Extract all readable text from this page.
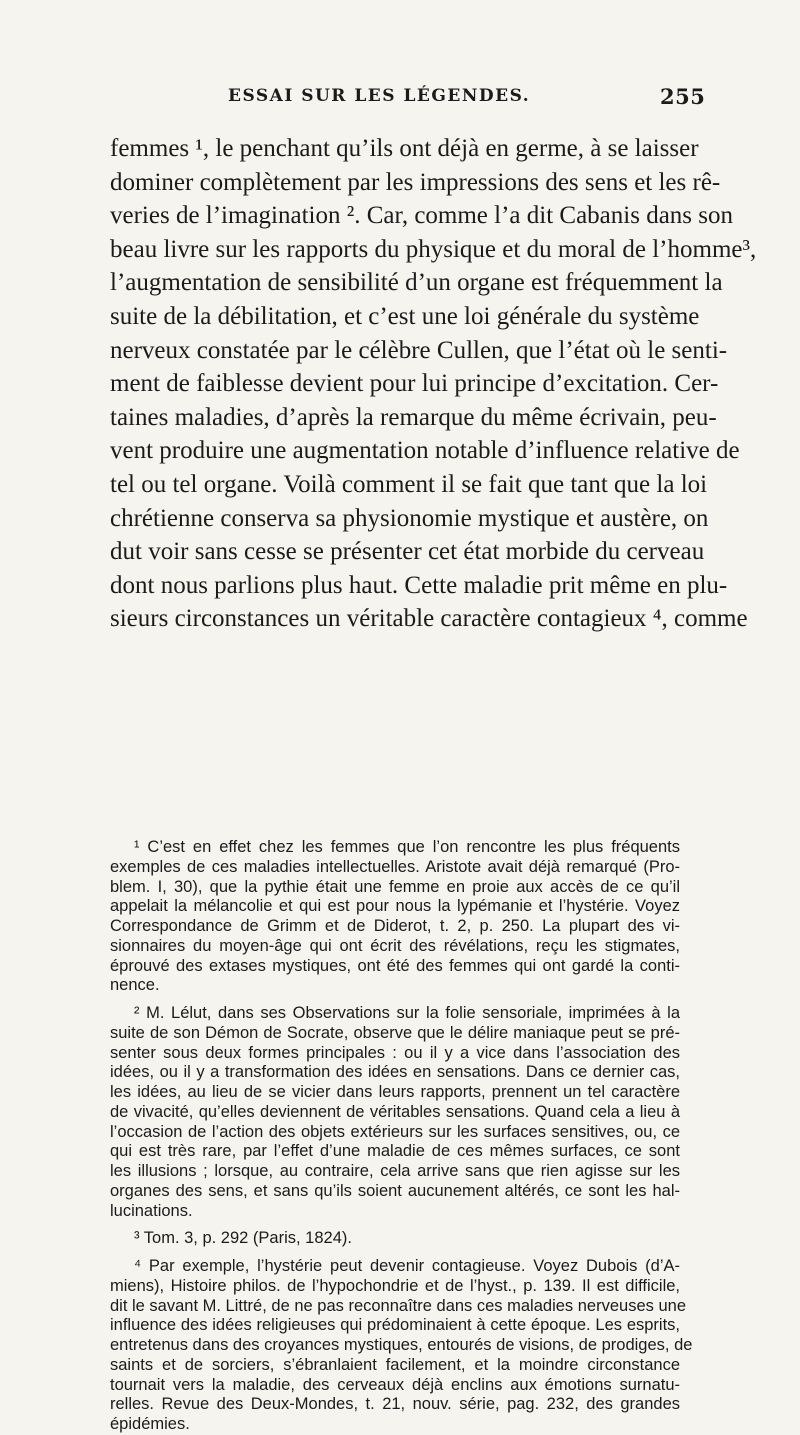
ESSAI SUR LES LÉGENDES.	255
femmes ¹, le penchant qu’ils ont déjà en germe, à se laisser
dominer complètement par les impressions des sens et les rê-
veries de l’imagination ². Car, comme l’a dit Cabanis dans son
beau livre sur les rapports du physique et du moral de l’homme³,
l’augmentation de sensibilité d’un organe est fréquemment la
suite de la débilitation, et c’est une loi générale du système
nerveux constatée par le célèbre Cullen, que l’état où le senti-
ment de faiblesse devient pour lui principe d’excitation. Cer-
taines maladies, d’après la remarque du même écrivain, peu-
vent produire une augmentation notable d’influence relative de
tel ou tel organe. Voilà comment il se fait que tant que la loi
chrétienne conserva sa physionomie mystique et austère, on
dut voir sans cesse se présenter cet état morbide du cerveau
dont nous parlions plus haut. Cette maladie prit même en plu-
sieurs circonstances un véritable caractère contagieux ⁴, comme
¹ C’est en effet chez les femmes que l’on rencontre les plus fréquents
exemples de ces maladies intellectuelles. Aristote avait déjà remarqué (Pro-
blem. I, 30), que la pythie était une femme en proie aux accès de ce qu’il
appelait la mélancolie et qui est pour nous la lypémanie et l’hystérie. Voyez
Correspondance de Grimm et de Diderot, t. 2, p. 250. La plupart des vi-
sionnaires du moyen-âge qui ont écrit des révélations, reçu les stigmates,
éprouvé des extases mystiques, ont été des femmes qui ont gardé la conti-
nence.
² M. Lélut, dans ses Observations sur la folie sensoriale, imprimées à la
suite de son Démon de Socrate, observe que le délire maniaque peut se pré-
senter sous deux formes principales : ou il y a vice dans l’association des
idées, ou il y a transformation des idées en sensations. Dans ce dernier cas,
les idées, au lieu de se vicier dans leurs rapports, prennent un tel caractère
de vivacité, qu’elles deviennent de véritables sensations. Quand cela a lieu à
l’occasion de l’action des objets extérieurs sur les surfaces sensitives, ou, ce
qui est très rare, par l’effet d’une maladie de ces mêmes surfaces, ce sont
les illusions ; lorsque, au contraire, cela arrive sans que rien agisse sur les
organes des sens, et sans qu’ils soient aucunement altérés, ce sont les hal-
lucinations.
³ Tom. 3, p. 292 (Paris, 1824).
⁴ Par exemple, l’hystérie peut devenir contagieuse. Voyez Dubois (d’A-
miens), Histoire philos. de l’hypochondrie et de l’hyst., p. 139. Il est difficile,
dit le savant M. Littré, de ne pas reconnaître dans ces maladies nerveuses une
influence des idées religieuses qui prédominaient à cette époque. Les esprits,
entretenus dans des croyances mystiques, entourés de visions, de prodiges, de
saints et de sorciers, s’ébranlaient facilement, et la moindre circonstance
tournait vers la maladie, des cerveaux déjà enclins aux émotions surnatu-
relles. Revue des Deux-Mondes, t. 21, nouv. série, pag. 232, des grandes
épidémies.
